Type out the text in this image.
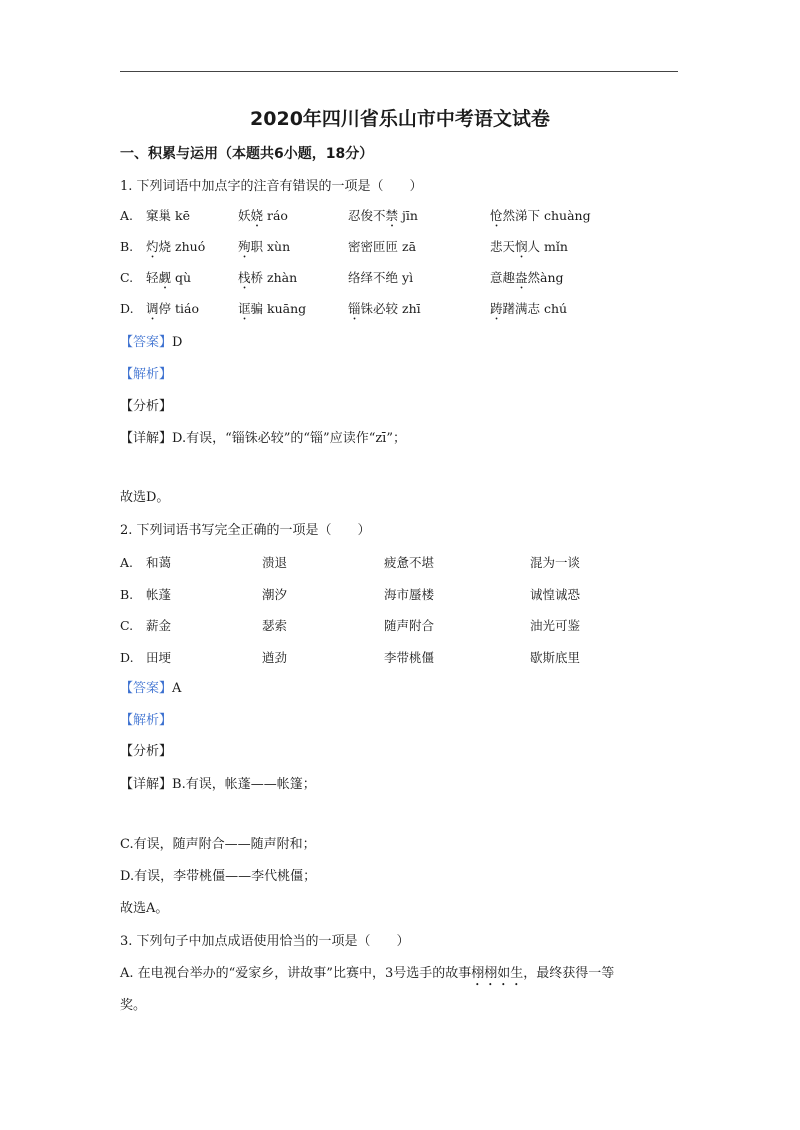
2020年四川省乐山市中考语文试卷
一、积累与运用（本题共6小题，18分）
1. 下列词语中加点字的注音有错误的一项是（　　）
A. 窠巢 kē	妖娆 ráo	忍俊不禁 jīn	怆然涕下 chuàng
B. 灼烧 zhuó	殉职 xùn	密密匝匝 zā	悲天悯人 mǐn
C. 轻觑 qù	栈桥 zhàn	络绎不绝 yì	意趣盎然àng
D. 调停 tiáo	诓骗 kuāng	锱铢必较 zhī	踌躇满志 chú
【答案】D
【解析】
【分析】
【详解】D.有误，“锱铢必较”的“锱”应读作“zī”；
故选D。
2. 下列词语书写完全正确的一项是（　　）
A. 和蔼	溃退	疲惫不堪	混为一谈
B. 帐蓬	潮汐	海市蜃楼	诚惶诚恐
C. 薪金	瑟索	随声附合	油光可鉴
D. 田埂	遒劲	李带桃僵	歇斯底里
【答案】A
【解析】
【分析】
【详解】B.有误，帐蓬——帐篷；
C.有误，随声附合——随声附和；
D.有误，李带桃僵——李代桃僵；
故选A。
3. 下列句子中加点成语使用恰当的一项是（　　）
A. 在电视台举办的“爱家乡，讲故事”比赛中，3号选手的故事栩栩如生，最终获得一等
奖。
